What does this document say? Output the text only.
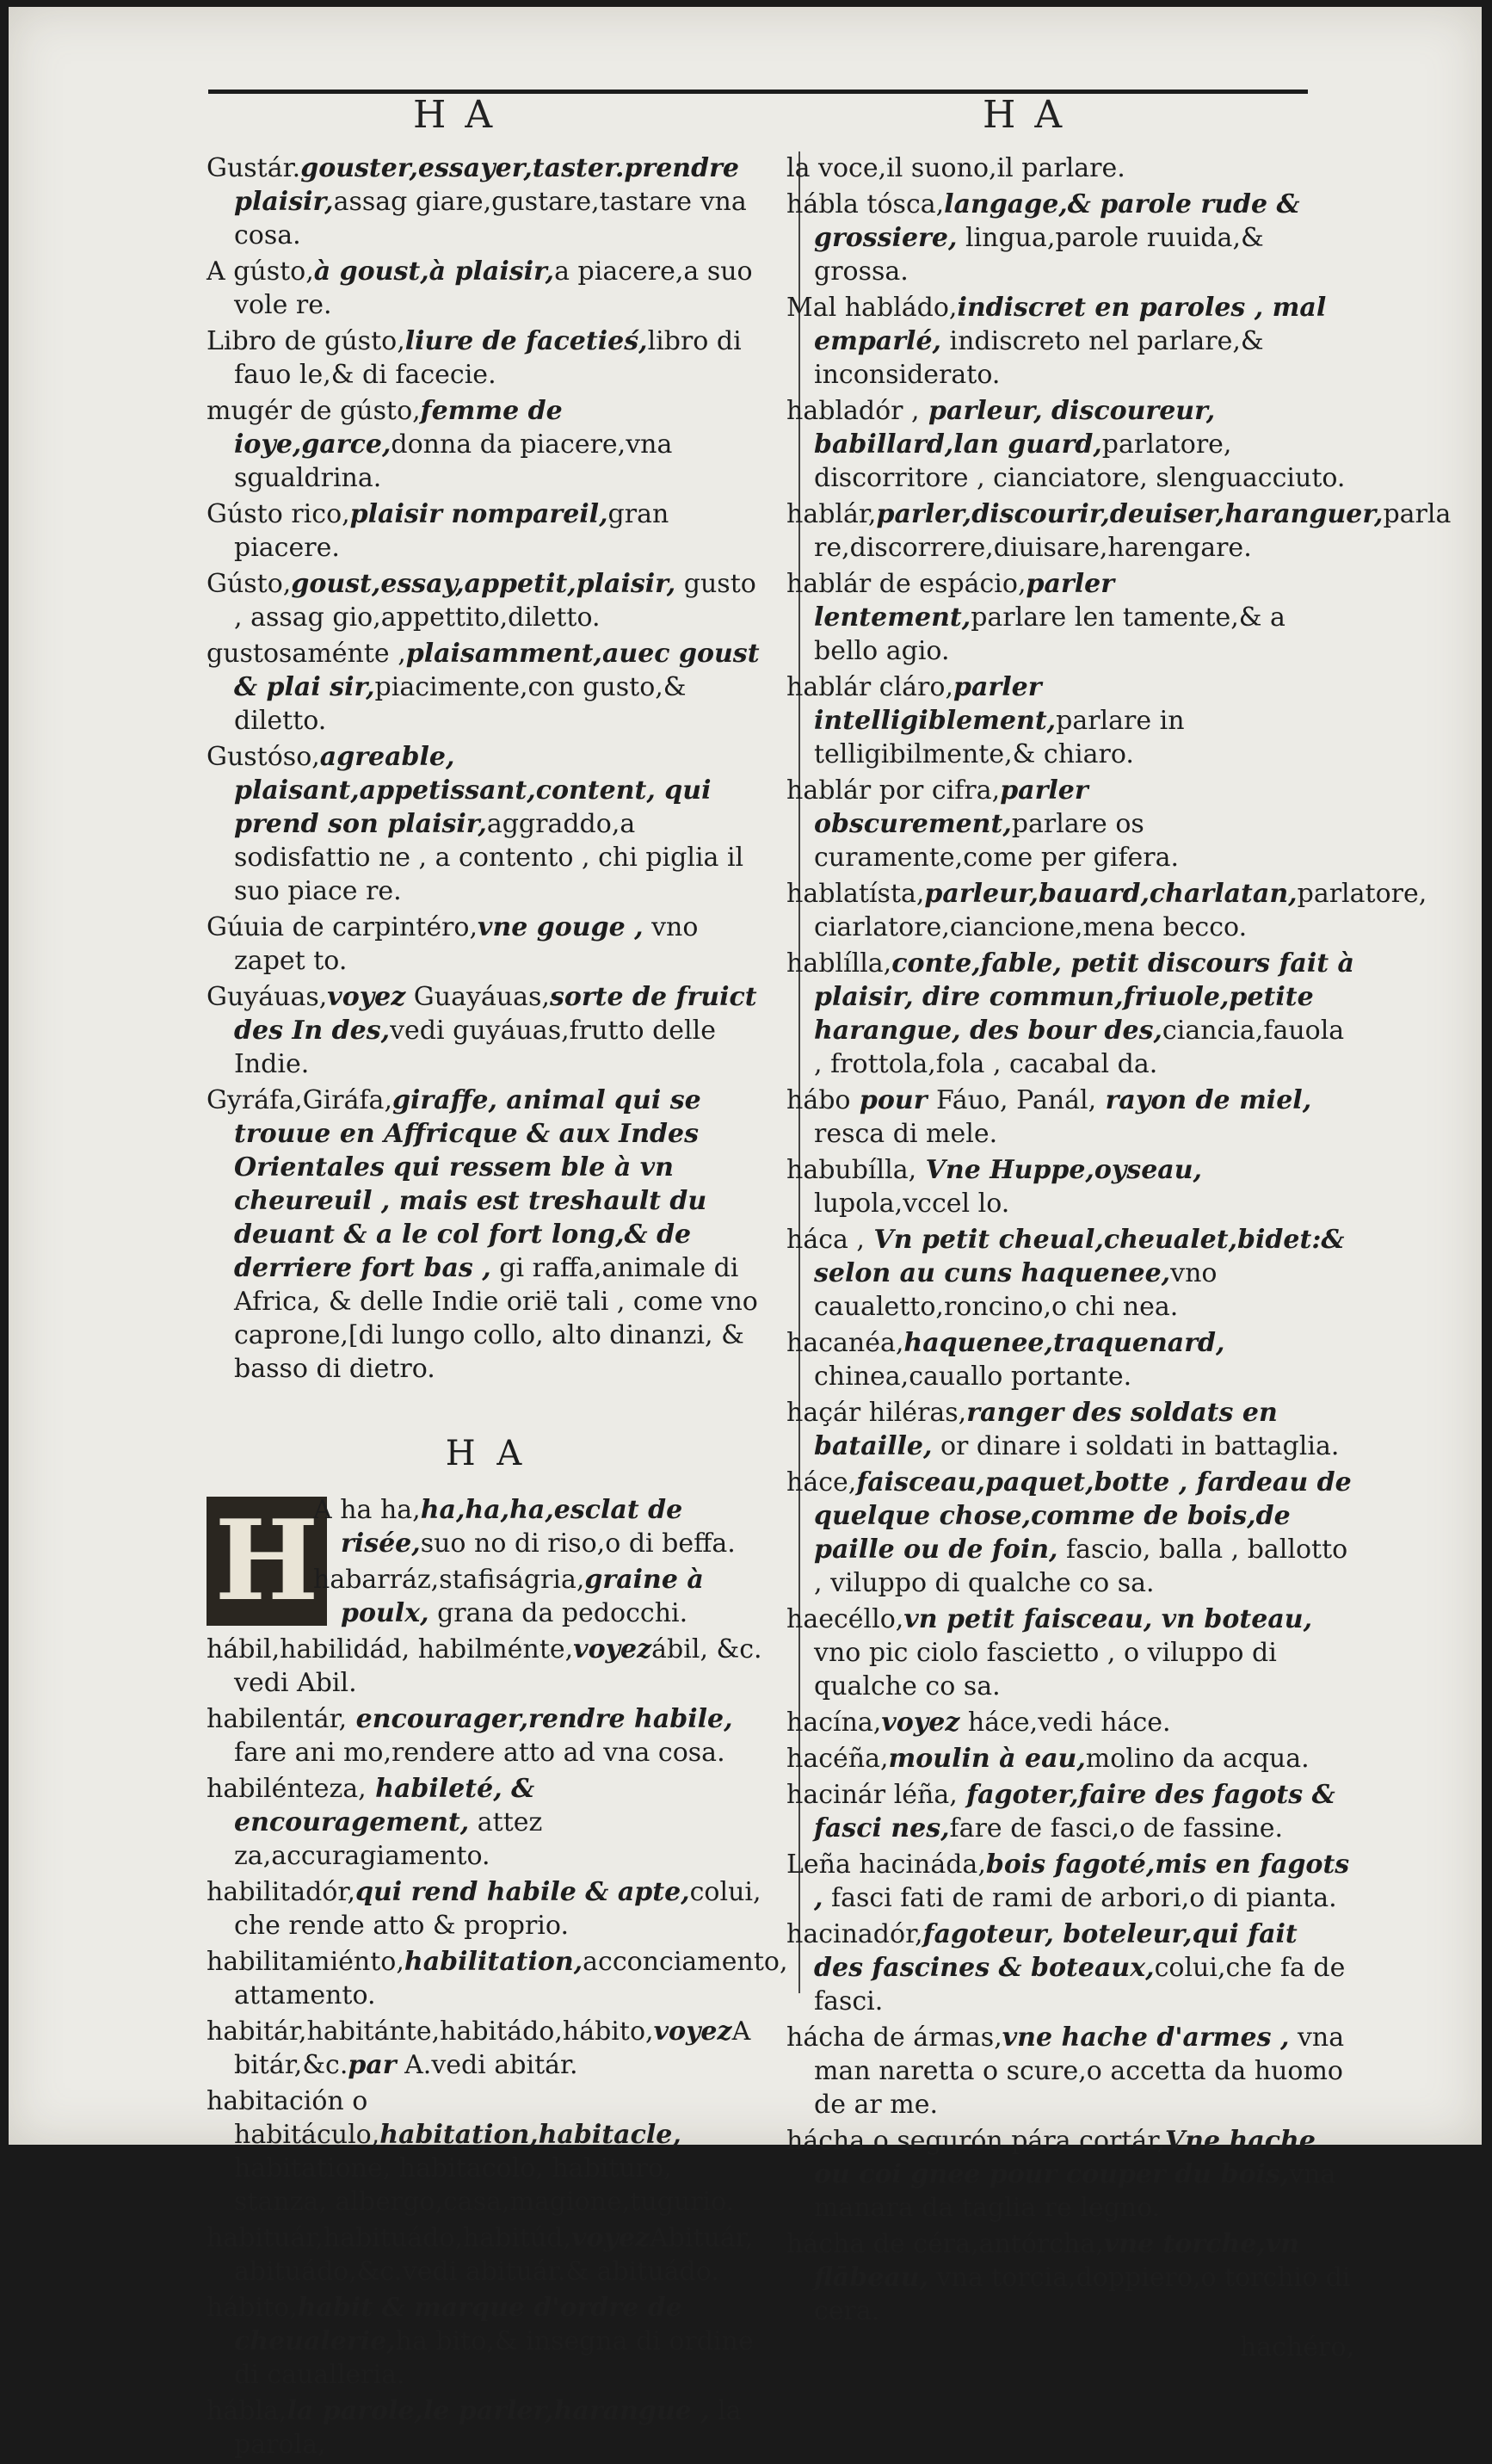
H A	H A
Gustár.gouster,essayer,taster.prendre plaisir,assag giare,gustare,tastare vna cosa.
A gústo,à goust,à plaisir,a piacere,a suo vole re.
Libro de gústo,liure de facetieś,libro di fauo le,& di facecie.
mugér de gústo,femme de ioye,garce,donna da piacere,vna sgualdrina.
Gústo rico,plaisir nompareil,gran piacere.
Gústo,goust,essay,appetit,plaisir, gusto , assag gio,appettito,diletto.
gustosaménte ,plaisamment,auec goust & plai sir,piacimente,con gusto,& diletto.
Gustóso,agreable, plaisant,appetissant,content, qui prend son plaisir,aggraddo,a sodisfattio ne , a contento , chi piglia il suo piace re.
Gúuia de carpintéro,vne gouge , vno zapet to.
Guyáuas,voyez Guayáuas,sorte de fruict des In des,vedi guyáuas,frutto delle Indie.
Gyráfa,Giráfa,giraffe, animal qui se trouue en Affricque & aux Indes Orientales qui ressem ble à vn cheureuil , mais est treshault du deuant & a le col fort long,& de derriere fort bas , gi raffa,animale di Africa, & delle Indie orië tali , come vno caprone,[di lungo collo, alto dinanzi, & basso di dietro.
H A
H
A ha ha,ha,ha,ha,esclat de risée,suo no di riso,o di beffa.
habarráz,stafiságria,graine à poulx, grana da pedocchi.
hábil,habilidád, habilménte,voyezábil, &c. vedi Abil.
habilentár, encourager,rendre habile, fare ani mo,rendere atto ad vna cosa.
habilénteza, habileté, & encouragement, attez za,accuragiamento.
habilitadór,qui rend habile & apte,colui, che rende atto & proprio.
habilitamiénto,habilitation,acconciamento, attamento.
habitár,habitánte,habitádo,hábito,voyezA bitár,&c.par A.vedi abitár.
habitación o habitáculo,habitation,habitacle, habitatione, habitacolo, habituro, stanza, albergo,casa,magione,tugurio.
habituár,habituádo,habitúd,voyezAbituár, abituádo,&c.vedi abituár.& abituádo.
hábito,habit & marque d'ordre de cheualerie,ha bito,& insegna di ordine di caualleria.
hábla,la parole,le parler,harangue , la parola,
la voce,il suono,il parlare.
hábla tósca,langage,& parole rude & grossiere, lingua,parole ruuida,& grossa.
Mal habládo,indiscret en paroles , mal emparlé, indiscreto nel parlare,& inconsiderato.
habladór , parleur, discoureur, babillard,lan guard,parlatore, discorritore , cianciatore, slenguacciuto.
hablár,parler,discourir,deuiser,haranguer,parla re,discorrere,diuisare,harengare.
hablár de espácio,parler lentement,parlare len tamente,& a bello agio.
hablár cláro,parler intelligiblement,parlare in telligibilmente,& chiaro.
hablár por cifra,parler obscurement,parlare os curamente,come per gifera.
hablatísta,parleur,bauard,charlatan,parlatore, ciarlatore,ciancione,mena becco.
hablílla,conte,fable, petit discours fait à plaisir, dire commun,friuole,petite harangue, des bour des,ciancia,fauola , frottola,fola , cacabal da.
hábo pour Fáuo, Panál, rayon de miel, resca di mele.
habubílla, Vne Huppe,oyseau, lupola,vccel lo.
háca , Vn petit cheual,cheualet,bidet:& selon au cuns haquenee,vno caualetto,roncino,o chi nea.
hacanéa,haquenee,traquenard, chinea,cauallo portante.
haçár hiléras,ranger des soldats en bataille, or dinare i soldati in battaglia.
háce,faisceau,paquet,botte , fardeau de quelque chose,comme de bois,de paille ou de foin, fascio, balla , ballotto , viluppo di qualche co sa.
haecéllo,vn petit faisceau, vn boteau, vno pic ciolo fascietto , o viluppo di qualche co sa.
hacína,voyez háce,vedi háce.
hacéña,moulin à eau,molino da acqua.
hacinár léña, fagoter,faire des fagots & fasci nes,fare de fasci,o de fassine.
Leña hacináda,bois fagoté,mis en fagots , fasci fati de rami de arbori,o di pianta.
hacinadór,fagoteur, boteleur,qui fait des fascines & boteaux,colui,che fa de fasci.
hácha de ármas,vne hache d'armes , vna man naretta o scure,o accetta da huomo de ar me.
hácha o segurón pára cortár,Vne hache ou coi gnee pour couper du bois,vna manara da taglia re legno.
hácha de céra,antórcha,vne torche,vn flābeau, vna torcia,doppiero,o torchio di cera.
hachéro,
